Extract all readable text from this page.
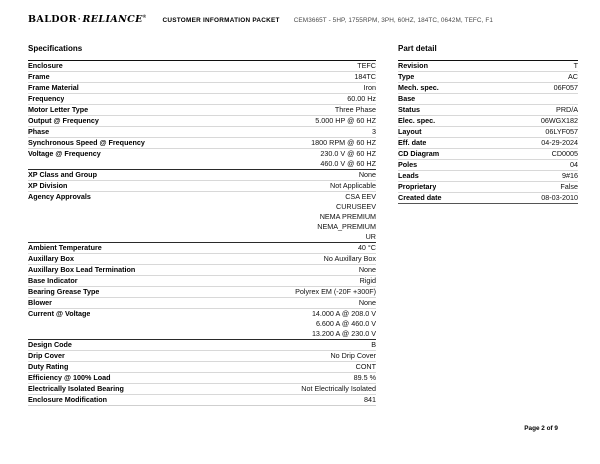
BALDOR·RELIANCE®
CUSTOMER INFORMATION PACKET CEM3665T - 5HP, 1755RPM, 3PH, 60HZ, 184TC, 0642M, TEFC, F1
Specifications
Enclosure	TEFC
Frame	184TC
Frame Material	Iron
Frequency	60.00 Hz
Motor Letter Type	Three Phase
Output @ Frequency	5.000 HP @ 60 HZ
Phase	3
Synchronous Speed @ Frequency	1800 RPM @ 60 HZ
Voltage @ Frequency	230.0 V @ 60 HZ
460.0 V @ 60 HZ
XP Class and Group	None
XP Division	Not Applicable
Agency Approvals	CSA EEV
CURUSEEV
NEMA PREMIUM
NEMA_PREMIUM
UR
Ambient Temperature	40 °C
Auxillary Box	No Auxillary Box
Auxillary Box Lead Termination	None
Base Indicator	Rigid
Bearing Grease Type	Polyrex EM (-20F +300F)
Blower	None
Current @ Voltage	14.000 A @ 208.0 V
6.600 A @ 460.0 V
13.200 A @ 230.0 V
Design Code	B
Drip Cover	No Drip Cover
Duty Rating	CONT
Efficiency @ 100% Load	89.5 %
Electrically Isolated Bearing	Not Electrically Isolated
Enclosure Modification	841
Part detail
Revision	T
Type	AC
Mech. spec.	06F057
Base
Status	PRD/A
Elec. spec.	06WGX182
Layout	06LYF057
Eff. date	04-29-2024
CD Diagram	CD0005
Poles	04
Leads	9#16
Proprietary	False
Created date	08-03-2010
Page 2 of 9
